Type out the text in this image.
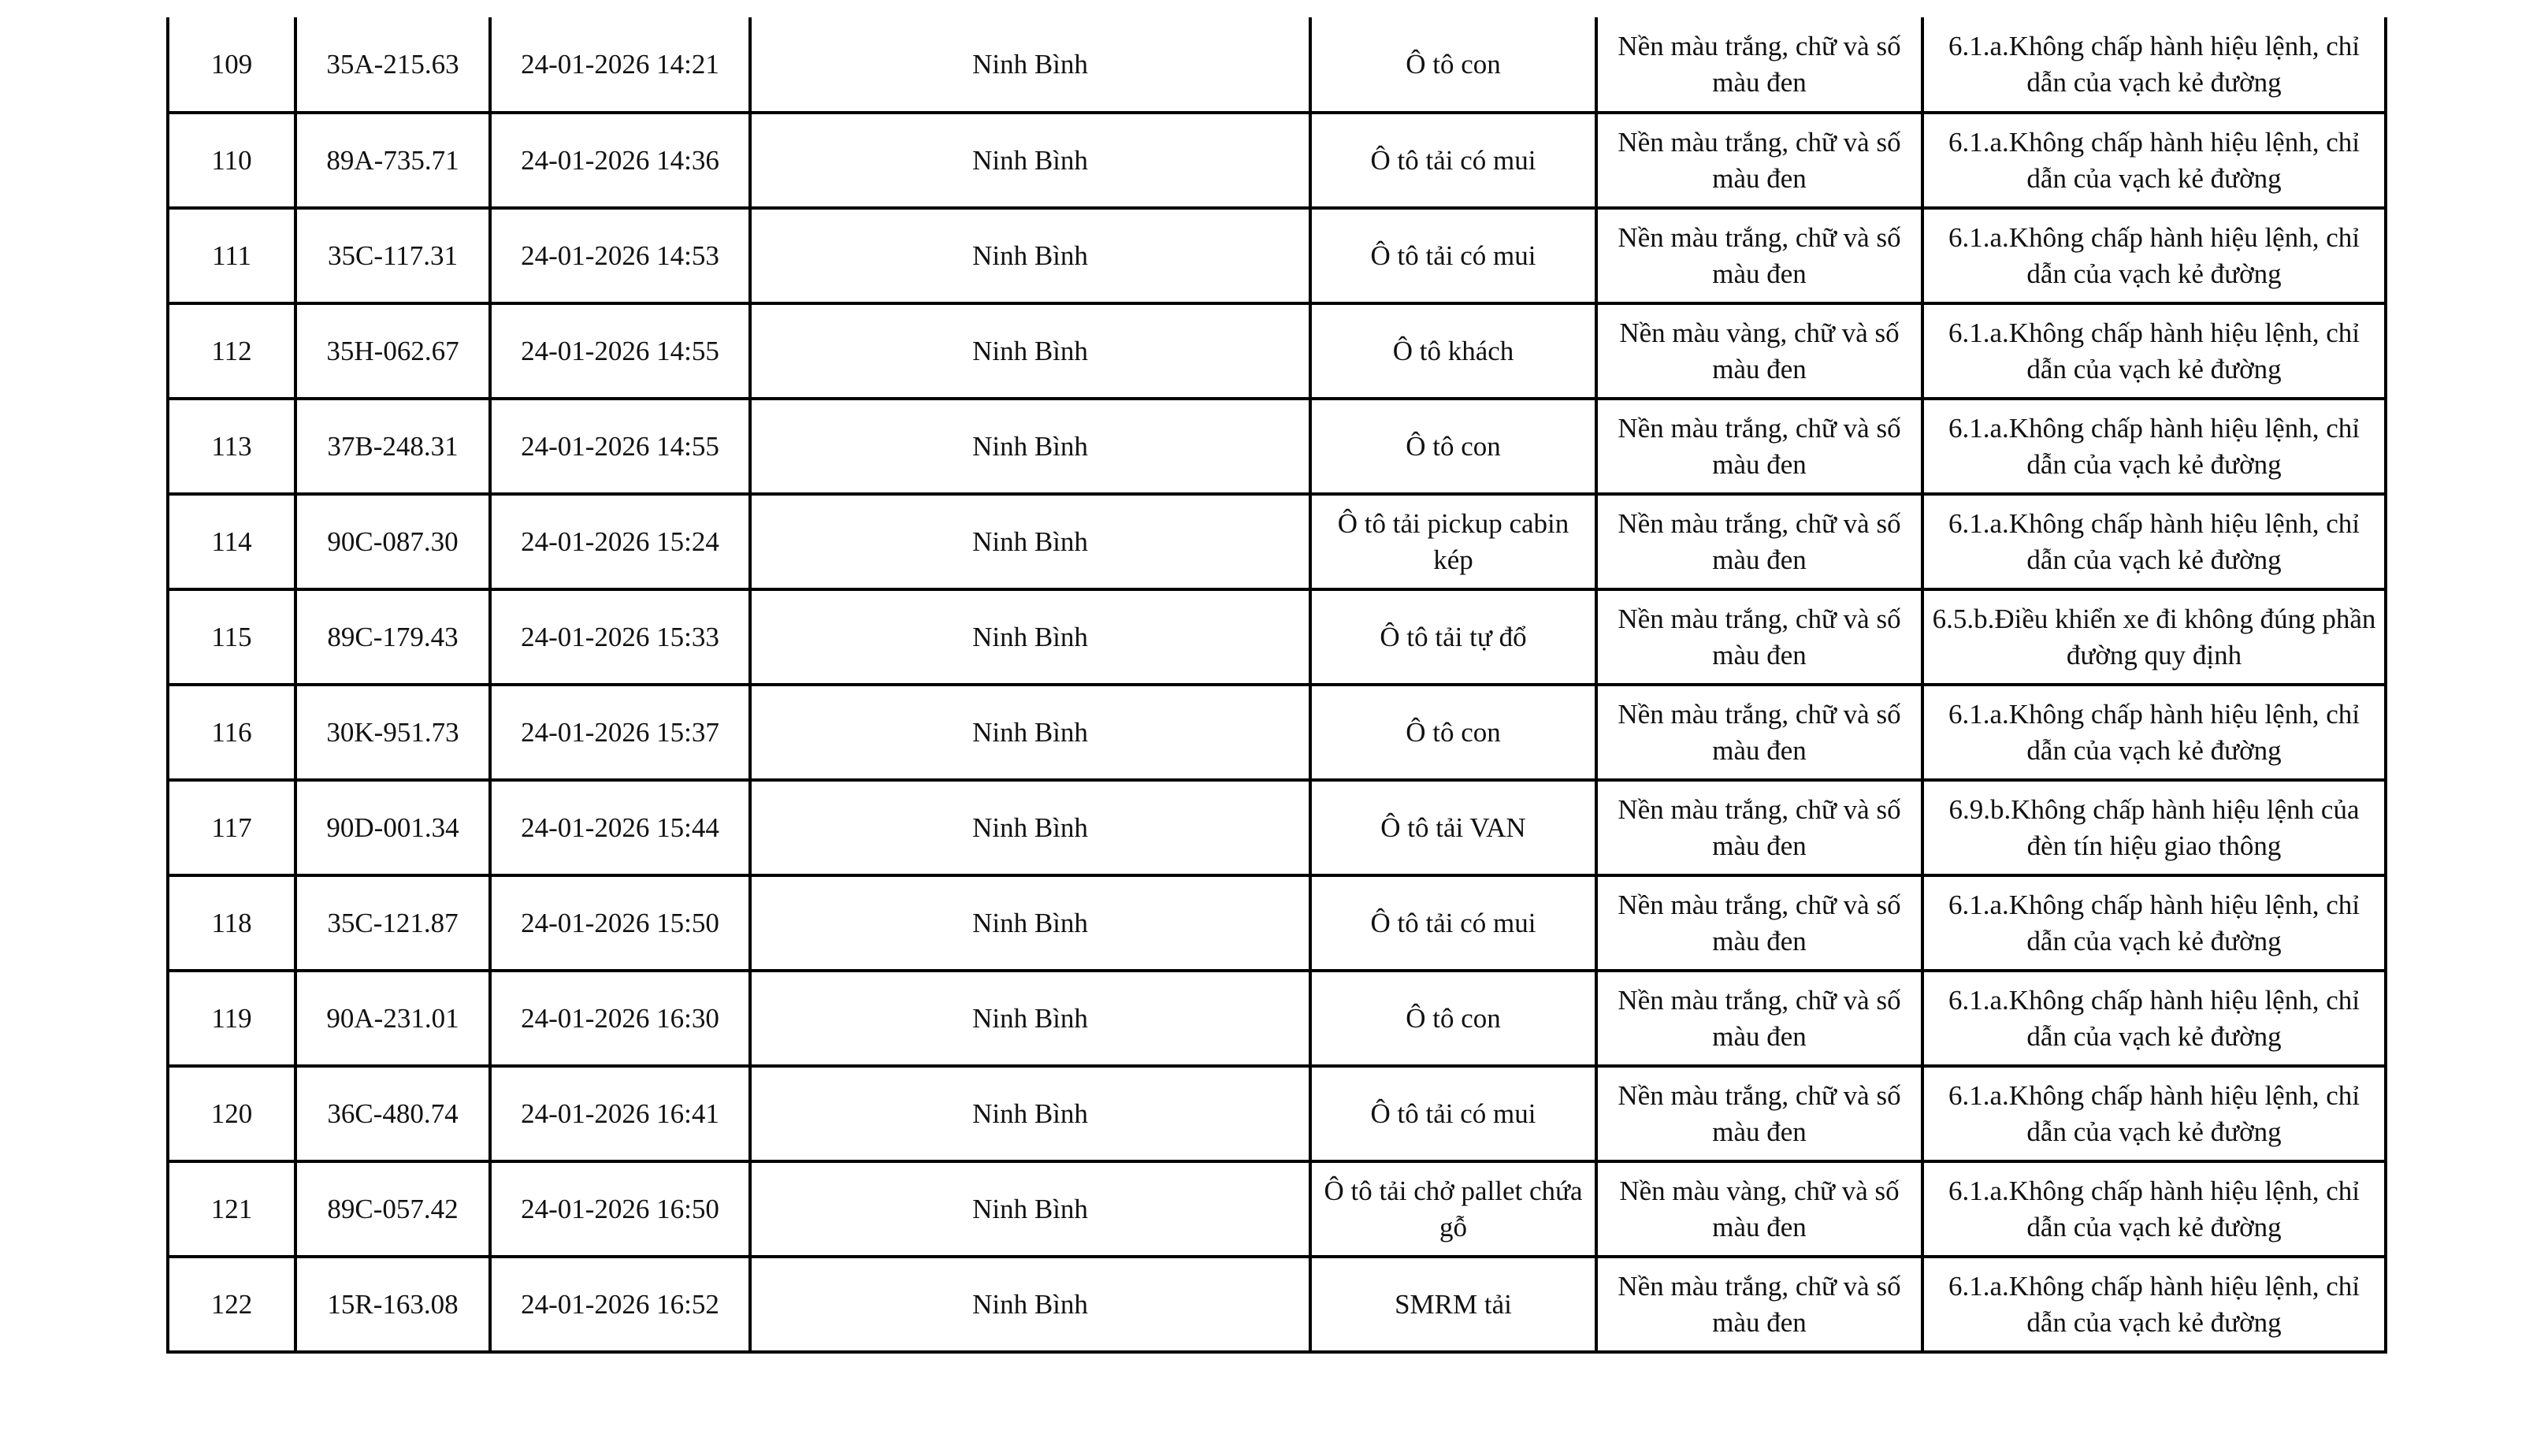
109	35A-215.63	24-01-2026 14:21	Ninh Bình	Ô tô con	Nền màu trắng, chữ và số màu đen	6.1.a.Không chấp hành hiệu lệnh, chỉ dẫn của vạch kẻ đường
110	89A-735.71	24-01-2026 14:36	Ninh Bình	Ô tô tải có mui	Nền màu trắng, chữ và số màu đen	6.1.a.Không chấp hành hiệu lệnh, chỉ dẫn của vạch kẻ đường
111	35C-117.31	24-01-2026 14:53	Ninh Bình	Ô tô tải có mui	Nền màu trắng, chữ và số màu đen	6.1.a.Không chấp hành hiệu lệnh, chỉ dẫn của vạch kẻ đường
112	35H-062.67	24-01-2026 14:55	Ninh Bình	Ô tô khách	Nền màu vàng, chữ và số màu đen	6.1.a.Không chấp hành hiệu lệnh, chỉ dẫn của vạch kẻ đường
113	37B-248.31	24-01-2026 14:55	Ninh Bình	Ô tô con	Nền màu trắng, chữ và số màu đen	6.1.a.Không chấp hành hiệu lệnh, chỉ dẫn của vạch kẻ đường
114	90C-087.30	24-01-2026 15:24	Ninh Bình	Ô tô tải pickup cabin kép	Nền màu trắng, chữ và số màu đen	6.1.a.Không chấp hành hiệu lệnh, chỉ dẫn của vạch kẻ đường
115	89C-179.43	24-01-2026 15:33	Ninh Bình	Ô tô tải tự đổ	Nền màu trắng, chữ và số màu đen	6.5.b.Điều khiển xe đi không đúng phần đường quy định
116	30K-951.73	24-01-2026 15:37	Ninh Bình	Ô tô con	Nền màu trắng, chữ và số màu đen	6.1.a.Không chấp hành hiệu lệnh, chỉ dẫn của vạch kẻ đường
117	90D-001.34	24-01-2026 15:44	Ninh Bình	Ô tô tải VAN	Nền màu trắng, chữ và số màu đen	6.9.b.Không chấp hành hiệu lệnh của đèn tín hiệu giao thông
118	35C-121.87	24-01-2026 15:50	Ninh Bình	Ô tô tải có mui	Nền màu trắng, chữ và số màu đen	6.1.a.Không chấp hành hiệu lệnh, chỉ dẫn của vạch kẻ đường
119	90A-231.01	24-01-2026 16:30	Ninh Bình	Ô tô con	Nền màu trắng, chữ và số màu đen	6.1.a.Không chấp hành hiệu lệnh, chỉ dẫn của vạch kẻ đường
120	36C-480.74	24-01-2026 16:41	Ninh Bình	Ô tô tải có mui	Nền màu trắng, chữ và số màu đen	6.1.a.Không chấp hành hiệu lệnh, chỉ dẫn của vạch kẻ đường
121	89C-057.42	24-01-2026 16:50	Ninh Bình	Ô tô tải chở pallet chứa gỗ	Nền màu vàng, chữ và số màu đen	6.1.a.Không chấp hành hiệu lệnh, chỉ dẫn của vạch kẻ đường
122	15R-163.08	24-01-2026 16:52	Ninh Bình	SMRM tải	Nền màu trắng, chữ và số màu đen	6.1.a.Không chấp hành hiệu lệnh, chỉ dẫn của vạch kẻ đường
